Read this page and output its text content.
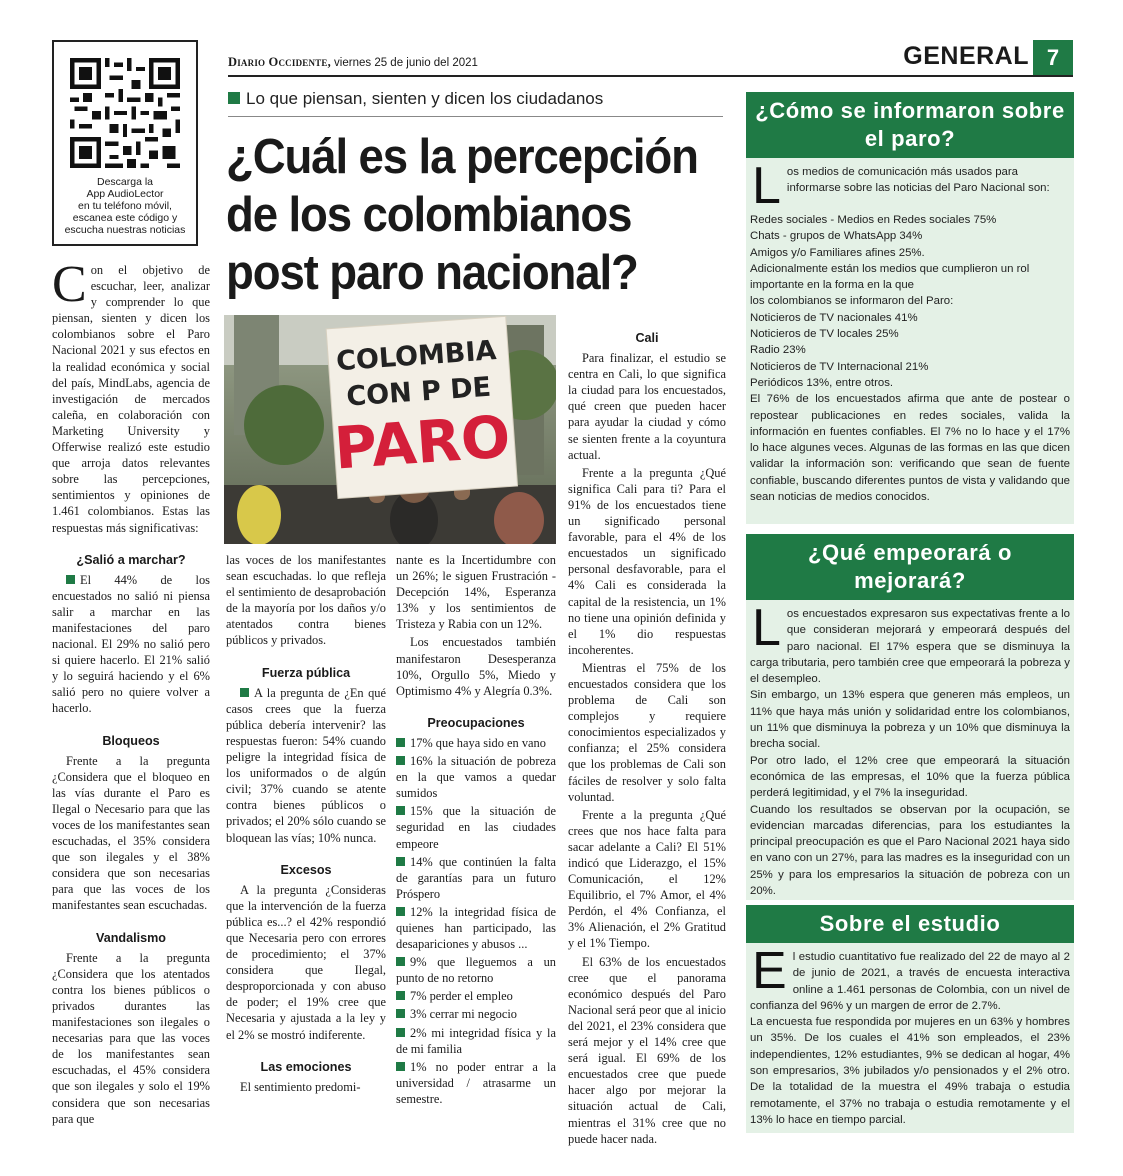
Descarga la
App AudioLector
en tu teléfono móvil,
escanea este código y
escucha nuestras noticias
Diario Occidente, viernes 25 de junio del 2021	GENERAL 7
Lo que piensan, sienten y dicen los ciudadanos
¿Cuál es la percepción
de los colombianos
post paro nacional?
COLOMBIA
CON P DE
PARO

Con el objetivo de escuchar, leer, analizar y comprender lo que piensan, sienten y dicen los colombianos sobre el Paro Nacional 2021 y sus efectos en la realidad económica y social del país, MindLabs, agencia de investigación de mercados caleña, en colaboración con Marketing University y Offerwise realizó este estudio que arroja datos relevantes sobre las percepciones, sentimientos y opiniones de 1.461 colombianos. Estas las respuestas más significativas:

¿Salió a marchar?

El 44% de los encuestados no salió ni piensa salir a marchar en las manifestaciones del paro nacional. El 29% no salió pero si quiere hacerlo. El 21% salió y lo seguirá haciendo y el 6% salió pero no quiere volver a hacerlo.

Bloqueos

Frente a la pregunta ¿Considera que el bloqueo en las vías durante el Paro es Ilegal o Necesario para que las voces de los manifestantes sean escuchadas, el 35% considera que son ilegales y el 38% considera que son necesarias para que las voces de los manifestantes sean escuchadas.

Vandalismo

Frente a la pregunta ¿Considera que los atentados contra los bienes públicos o privados durantes las manifestaciones son ilegales o necesarias para que las voces de los manifestantes sean escuchadas, el 45% considera que son ilegales y solo el 19% considera que son necesarias para que

las voces de los manifestantes sean escuchadas. lo que refleja el sentimiento de desaprobación de la mayoría por los daños y/o atentados contra bienes públicos y privados.

Fuerza pública

A la pregunta de ¿En qué casos crees que la fuerza pública debería intervenir? las respuestas fueron: 54% cuando peligre la integridad física de los uniformados o de algún civil; 37% cuando se atente contra bienes públicos o privados; el 20% sólo cuando se bloquean las vías; 10% nunca.

Excesos

A la pregunta ¿Consideras que la intervención de la fuerza pública es...? el 42% respondió que Necesaria pero con errores de procedimiento; el 37% considera que Ilegal, desproporcionada y con abuso de poder; el 19% cree que Necesaria y ajustada a la ley y el 2% se mostró indiferente.

Las emociones

El sentimiento predomi-

nante es la Incertidumbre con un 26%; le siguen Frustración - Decepción 14%, Esperanza 13% y los sentimientos de Tristeza y Rabia con un 12%.

Los encuestados también manifestaron Desesperanza 10%, Orgullo 5%, Miedo y Optimismo 4% y Alegría 0.3%.

Preocupaciones

17% que haya sido en vano

16% la situación de pobreza en la que vamos a quedar sumidos

15% que la situación de seguridad en las ciudades empeore

14% que continúen la falta de garantías para un futuro Próspero

12% la integridad física de quienes han participado, las desapariciones y abusos ...

9% que lleguemos a un punto de no retorno

7% perder el empleo

3% cerrar mi negocio

2% mi integridad física y la de mi familia

1% no poder entrar a la universidad / atrasarme un semestre.

Cali

Para finalizar, el estudio se centra en Cali, lo que significa la ciudad para los encuestados, qué creen que pueden hacer para ayudar la ciudad y cómo se sienten frente a la coyuntura actual.

Frente a la pregunta ¿Qué significa Cali para ti? Para el 91% de los encuestados tiene un significado personal favorable, para el 4% de los encuestados un significado personal desfavorable, para el 4% Cali es considerada la capital de la resistencia, un 1% no tiene una opinión definida y el 1% dio respuestas incoherentes.

Mientras el 75% de los encuestados considera que los problema de Cali son complejos y requiere conocimientos especializados y confianza; el 25% considera que los problemas de Cali son fáciles de resolver y solo falta voluntad.

Frente a la pregunta ¿Qué crees que nos hace falta para sacar adelante a Cali? El 51% indicó que Liderazgo, el 15% Comunicación, el 12% Equilibrio, el 7% Amor, el 4% Perdón, el 4% Confianza, el 3% Alienación, el 2% Gratitud y el 1% Tiempo.

El 63% de los encuestados cree que el panorama económico después del Paro Nacional será peor que al inicio del 2021, el 23% considera que será mejor y el 14% cree que será igual. El 69% de los encuestados cree que puede hacer algo por mejorar la situación actual de Cali, mientras el 31% cree que no puede hacer nada.

¿Cómo se informaron sobre el paro?

Los medios de comunicación más usados para informarse sobre las noticias del Paro Nacional son:

Redes sociales - Medios en Redes sociales 75%

Chats - grupos de WhatsApp 34%

Amigos y/o Familiares afines 25%.

Adicionalmente están los medios que cumplieron un rol importante en la forma en la que

los colombianos se informaron del Paro:

Noticieros de TV nacionales 41%

Noticieros de TV locales 25%

Radio 23%

Noticieros de TV Internacional 21%

Periódicos 13%, entre otros.

El 76% de los encuestados afirma que ante de postear o repostear publicaciones en redes sociales, valida la información en fuentes confiables. El 7% no lo hace y el 17% lo hace algunes veces. Algunas de las formas en las que dicen validar la información son: verificando que sean de fuente confiable, buscando diferentes puntos de vista y validando que sean noticias de medios conocidos.

¿Qué empeorará o mejorará?

Los encuestados expresaron sus expectativas frente a lo que consideran mejorará y empeorará después del paro nacional. El 17% espera que se disminuya la carga tributaria, pero también cree que empeorará la pobreza y el desempleo.

Sin embargo, un 13% espera que generen más empleos, un 11% que haya más unión y solidaridad entre los colombianos, un 11% que disminuya la pobreza y un 10% que disminuya la brecha social.

Por otro lado, el 12% cree que empeorará la situación económica de las empresas, el 10% que la fuerza pública perderá legitimidad, y el 7% la inseguridad.

Cuando los resultados se observan por la ocupación, se evidencian marcadas diferencias, para los estudiantes la principal preocupación es que el Paro Nacional 2021 haya sido en vano con un 27%, para las madres es la inseguridad con un 25% y para los empresarios la situación de pobreza con un 20%.

Sobre el estudio

El estudio cuantitativo fue realizado del 22 de mayo al 2 de junio de 2021, a través de encuesta interactiva online a 1.461 personas de Colombia, con un nivel de confianza del 96% y un margen de error de 2.7%.

La encuesta fue respondida por mujeres en un 63% y hombres un 35%. De los cuales el 41% son empleados, el 23% independientes, 12% estudiantes, 9% se dedican al hogar, 4% son empresarios, 3% jubilados y/o pensionados y el 2% otro. De la totalidad de la muestra el 49% trabaja o estudia remotamente, el 37% no trabaja o estudia remotamente y el 13% lo hace en tiempo parcial.
